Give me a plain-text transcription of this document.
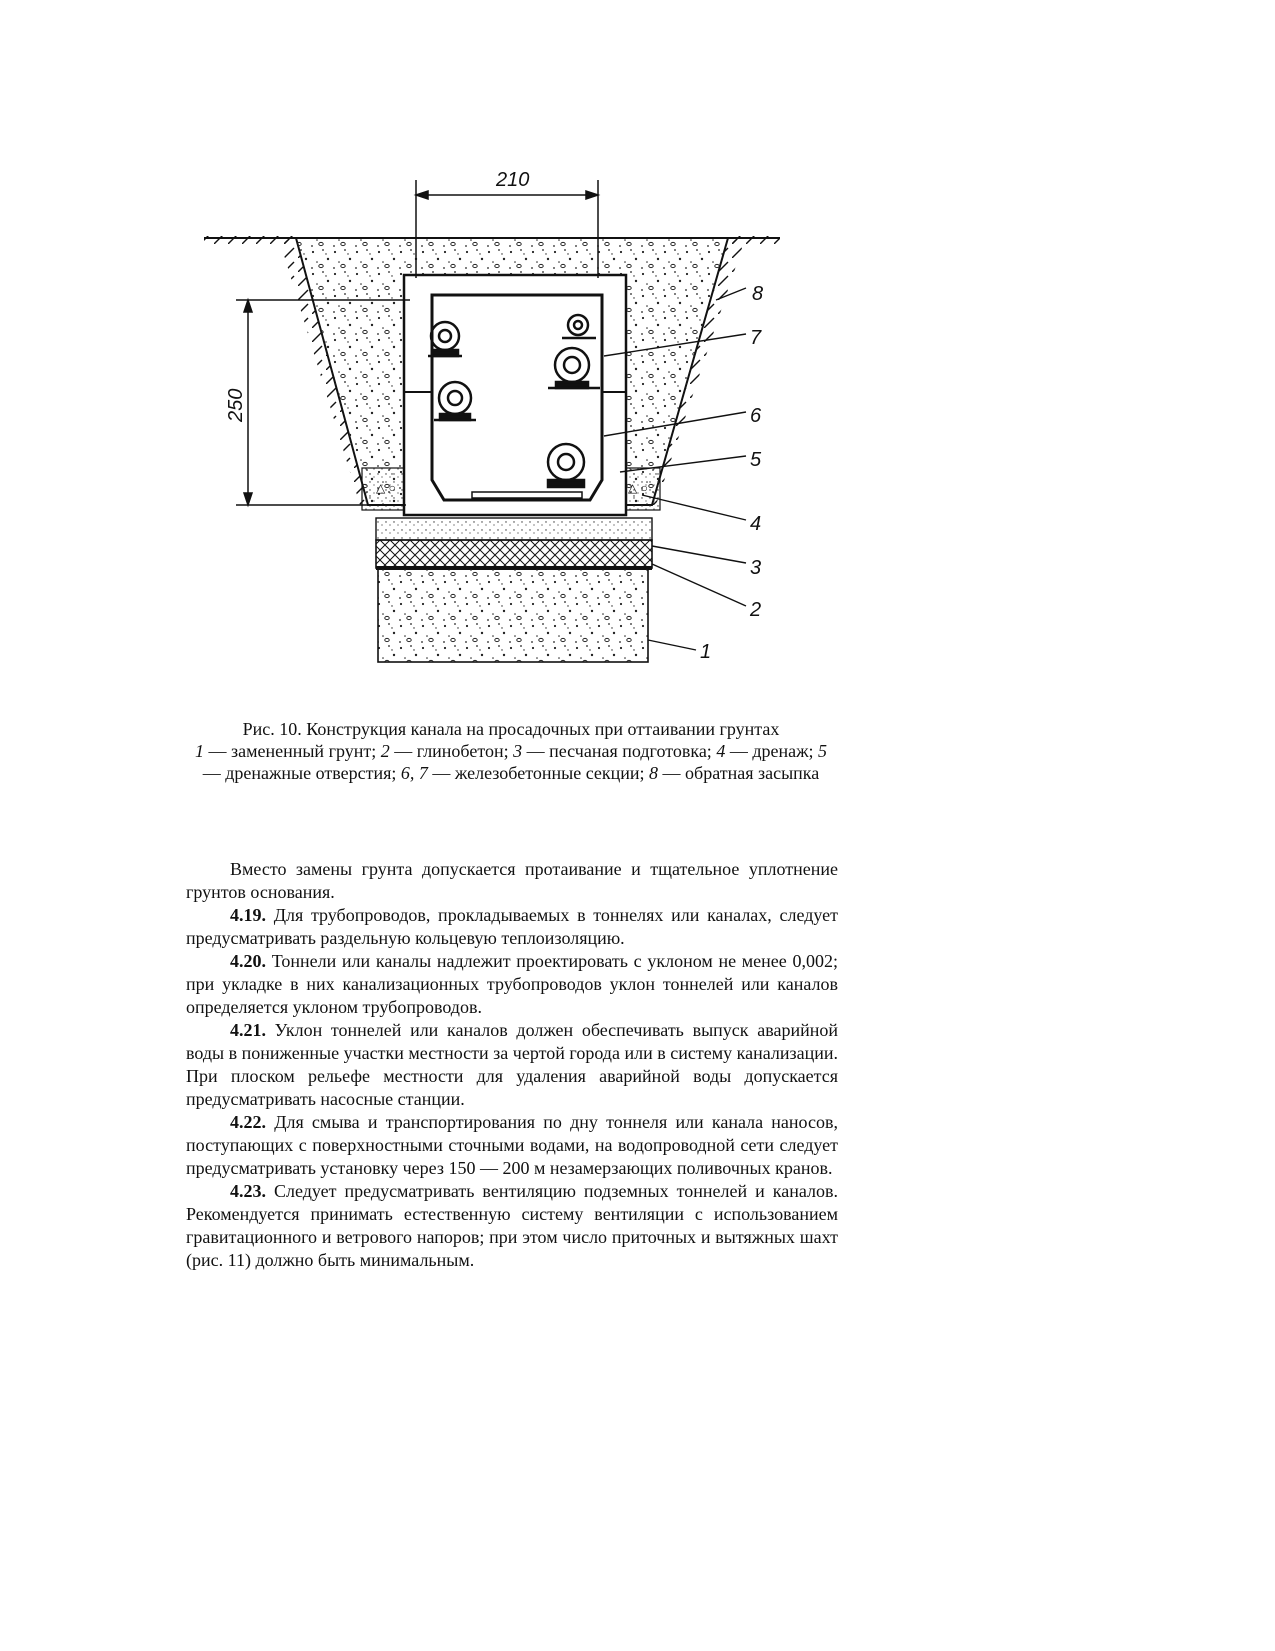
△ ○	△ ○
210
250
8
7
6
5
4
3
2
1
Рис. 10. Конструкция канала на просадочных при оттаивании грунтах
1 — замененный грунт; 2 — глинобетон; 3 — песчаная подготовка; 4 — дренаж; 5 — дренажные отверстия; 6, 7 — железобетонные секции; 8 — обратная засыпка

Вместо замены грунта допускается протаивание и тщательное уплотнение грунтов основания.

4.19. Для трубопроводов, прокладываемых в тоннелях или каналах, следует предусматривать раздельную кольцевую теплоизоляцию.

4.20. Тоннели или каналы надлежит проектировать с уклоном не менее 0,002; при укладке в них канализационных трубопроводов уклон тоннелей или каналов определяется уклоном трубопроводов.

4.21. Уклон тоннелей или каналов должен обеспечивать выпуск аварийной воды в пониженные участки местности за чертой города или в систему канализации. При плоском рельефе местности для удаления аварийной воды допускается предусматривать насосные станции.

4.22. Для смыва и транспортирования по дну тоннеля или канала наносов, поступающих с поверхностными сточными водами, на водопроводной сети следует предусматривать установку через 150 — 200 м незамерзающих поливочных кранов.

4.23. Следует предусматривать вентиляцию подземных тоннелей и каналов. Рекомендуется принимать естественную систему вентиляции с использованием гравитационного и ветрового напоров; при этом число приточных и вытяжных шахт (рис. 11) должно быть минимальным.
